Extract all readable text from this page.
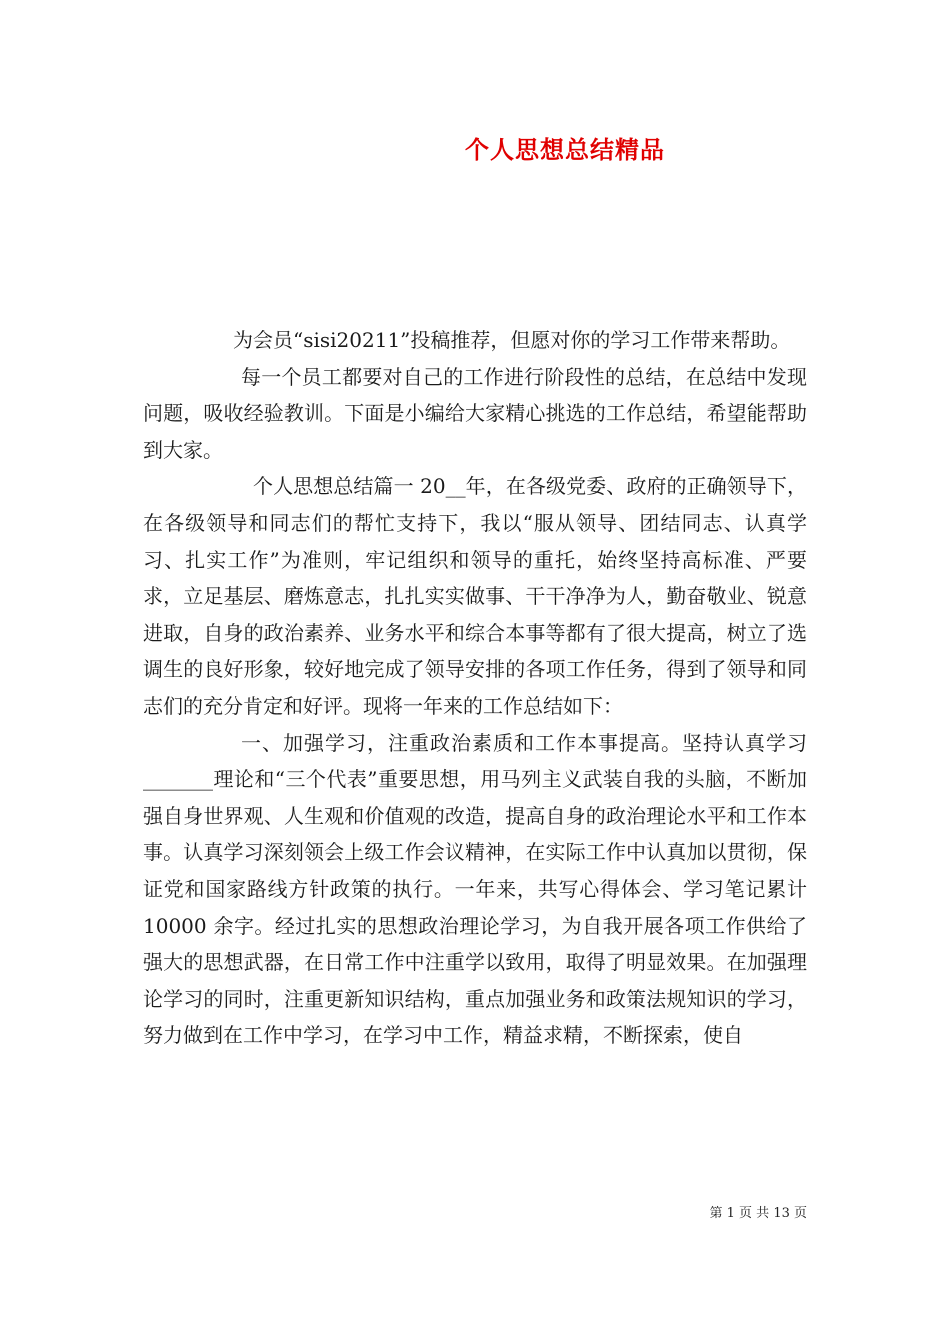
个人思想总结精品

为会员“sisi20211”投稿推荐，但愿对你的学习工作带来帮助。

每一个员工都要对自己的工作进行阶段性的总结，在总结中发现问题，吸收经验教训。下面是小编给大家精心挑选的工作总结，希望能帮助到大家。

个人思想总结篇一 20__年，在各级党委、政府的正确领导下，在各级领导和同志们的帮忙支持下，我以“服从领导、团结同志、认真学习、扎实工作”为准则，牢记组织和领导的重托，始终坚持高标准、严要求，立足基层、磨炼意志，扎扎实实做事、干干净净为人，勤奋敬业、锐意进取，自身的政治素养、业务水平和综合本事等都有了很大提高，树立了选调生的良好形象，较好地完成了领导安排的各项工作任务，得到了领导和同志们的充分肯定和好评。现将一年来的工作总结如下：

一、加强学习，注重政治素质和工作本事提高。坚持认真学习_______理论和“三个代表”重要思想，用马列主义武装自我的头脑，不断加强自身世界观、人生观和价值观的改造，提高自身的政治理论水平和工作本事。认真学习深刻领会上级工作会议精神，在实际工作中认真加以贯彻，保证党和国家路线方针政策的执行。一年来，共写心得体会、学习笔记累计 10000 余字。经过扎实的思想政治理论学习，为自我开展各项工作供给了强大的思想武器，在日常工作中注重学以致用，取得了明显效果。在加强理论学习的同时，注重更新知识结构，重点加强业务和政策法规知识的学习，努力做到在工作中学习，在学习中工作，精益求精，不断探索，使自

第 1 页 共 13 页
